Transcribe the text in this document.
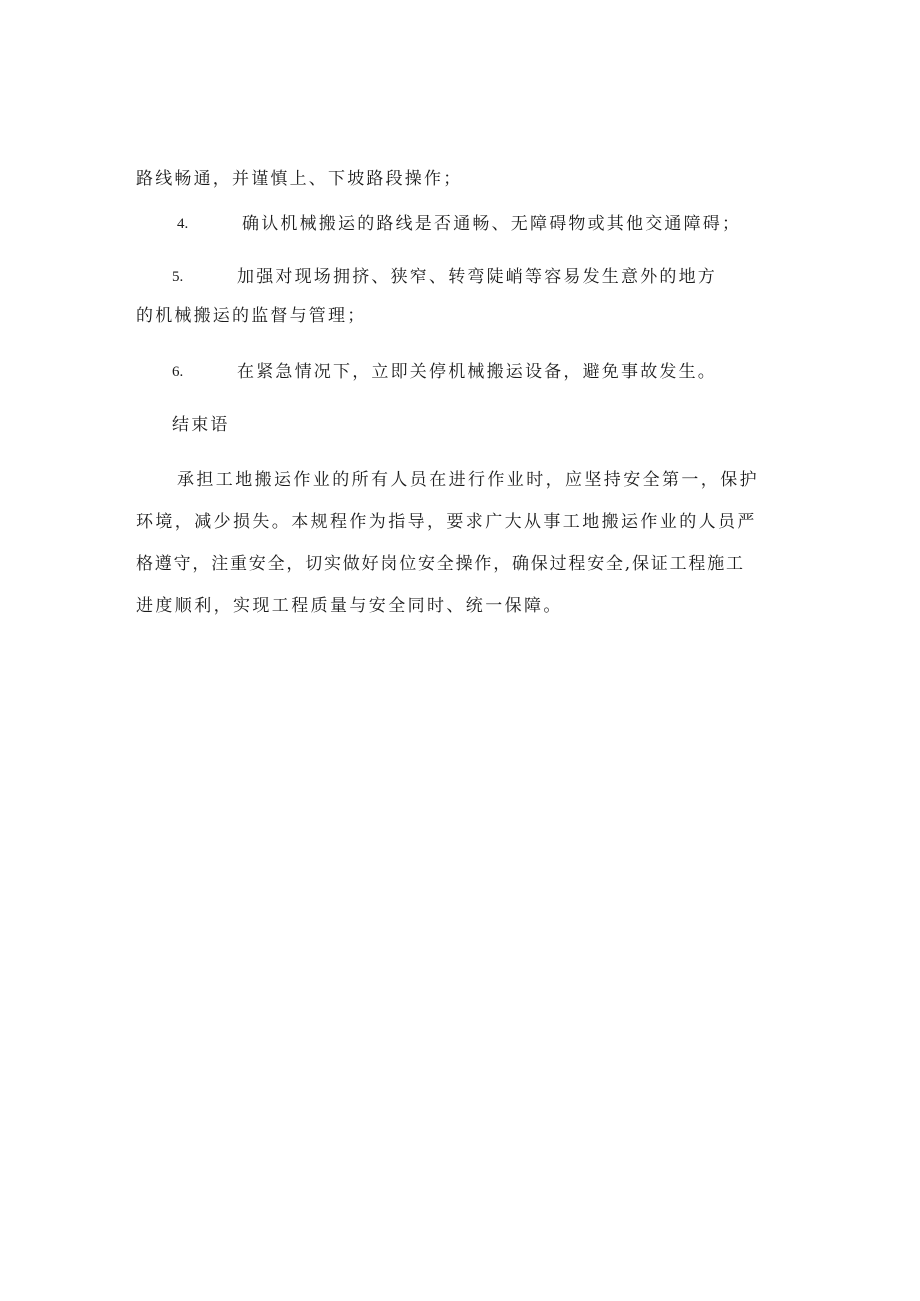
路线畅通，并谨慎上、下坡路段操作；
4.	确认机械搬运的路线是否通畅、无障碍物或其他交通障碍；
5.	加强对现场拥挤、狭窄、转弯陡峭等容易发生意外的地方
的机械搬运的监督与管理；
6.	在紧急情况下，立即关停机械搬运设备，避免事故发生。
结束语
承担工地搬运作业的所有人员在进行作业时，应坚持安全第一，保护
环境，减少损失。本规程作为指导，要求广大从事工地搬运作业的人员严
格遵守，注重安全，切实做好岗位安全操作，确保过程安全,保证工程施工
进度顺利，实现工程质量与安全同时、统一保障。
